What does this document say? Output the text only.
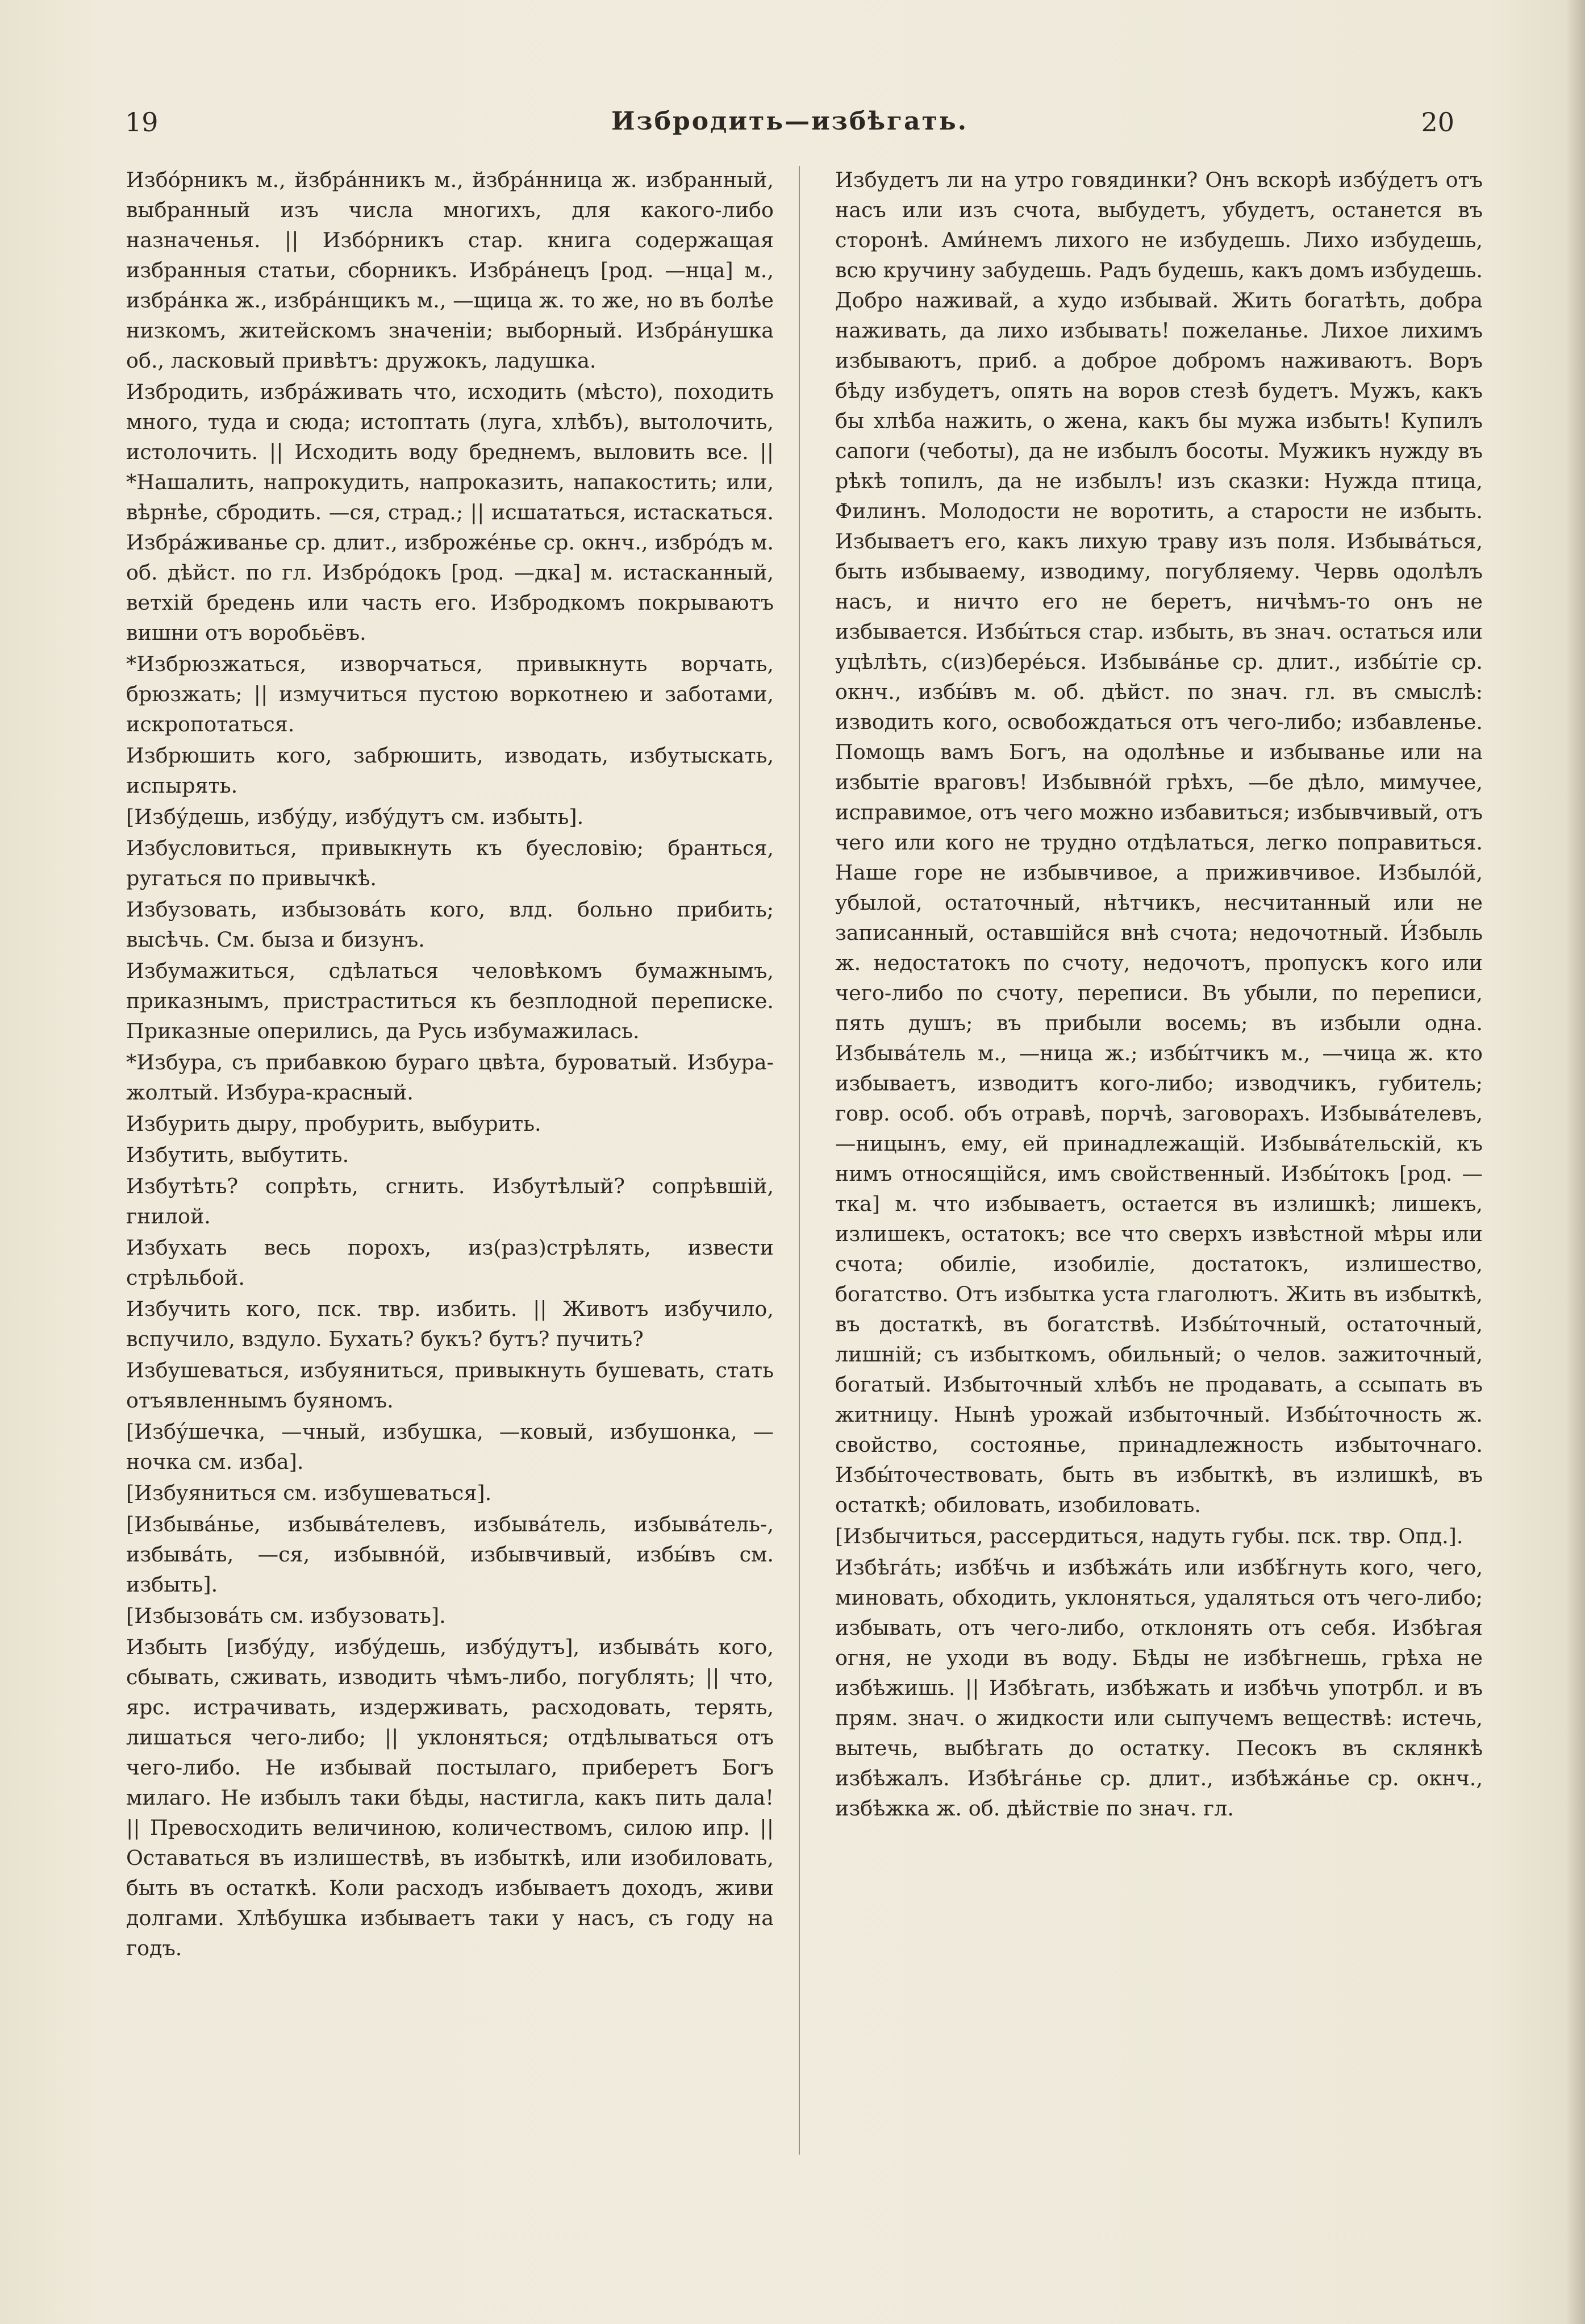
19	Избродить—избѣгать.	20

Избо́рникъ м., йзбра́нникъ м., йзбра́нница ж. избранный, выбранный изъ числа многихъ, для какого-либо назначенья. || Избо́рникъ стар. книга содержащая избранныя статьи, сборникъ. Избра́нецъ [род. —нца] м., избра́нка ж., избра́нщикъ м., —щица ж. то же, но въ болѣе низкомъ, житейскомъ значеніи; выборный. Избра́нушка об., ласковый привѣтъ: дружокъ, ладушка.

Избродить, избра́живать что, исходить (мѣсто), походить много, туда и сюда; истоптать (луга, хлѣбъ), вытолочить, истолочить. || Исходить воду бреднемъ, выловить все. || *Нашалить, напрокудить, напроказить, напакостить; или, вѣрнѣе, сбродить. —ся, страд.; || исшататься, истаскаться. Избра́живанье ср. длит., изброже́нье ср. окнч., избро́дъ м. об. дѣйст. по гл. Избро́докъ [род. —дка] м. истасканный, ветхій бредень или часть его. Избродкомъ покрываютъ вишни отъ воробьёвъ.

*Избрюзжаться, изворчаться, привыкнуть ворчать, брюзжать; || измучиться пустою воркотнею и заботами, искропотаться.

Избрюшить кого, забрюшить, изводать, избутыскать, испырять.

[Избу́дешь, избу́ду, избу́дутъ см. избыть].

Избусловиться, привыкнуть къ буесловію; бранться, ругаться по привычкѣ.

Избузовать, избызова́ть кого, влд. больно прибить; высѣчь. См. быза и бизунъ.

Избумажиться, сдѣлаться человѣкомъ бумажнымъ, приказнымъ, пристраститься къ безплодной переписке. Приказные оперились, да Русь избумажилась.

*Избура, съ прибавкою бураго цвѣта, буроватый. Избура-жолтый. Избура-красный.

Избурить дыру, пробурить, выбурить.

Избутить, выбутить.

Избутѣть? сопрѣть, сгнить. Избутѣлый? сопрѣвшій, гнилой.

Избухать весь порохъ, из(раз)стрѣлять, извести стрѣльбой.

Избучить кого, пск. твр. избить. || Животъ избучило, вспучило, вздуло. Бухать? букъ? бутъ? пучить?

Избушеваться, избуяниться, привыкнуть бушевать, стать отъявленнымъ буяномъ.

[Избу́шечка, —чный, избушка, —ковый, избушонка, —ночка см. изба].

[Избуяниться см. избушеваться].

[Избыва́нье, избыва́телевъ, избыва́тель, избыва́тель-, избыва́ть, —ся, избывно́й, избывчивый, избы́въ см. избыть].

[Избызова́ть см. избузовать].

Избыть [избу́ду, избу́дешь, избу́дутъ], избыва́ть кого, сбывать, сживать, изводить чѣмъ-либо, погублять; || что, ярс. истрачивать, издерживать, расходовать, терять, лишаться чего-либо; || уклоняться; отдѣлываться отъ чего-либо. Не избывай постылаго, приберетъ Богъ милаго. Не избылъ таки бѣды, настигла, какъ пить дала! || Превосходить величиною, количествомъ, силою ипр. || Оставаться въ излишествѣ, въ избыткѣ, или изобиловать, быть въ остаткѣ. Коли расходъ избываетъ доходъ, живи долгами. Хлѣбушка избываетъ таки у насъ, съ году на годъ.

Избудетъ ли на утро говядинки? Онъ вскорѣ избу́детъ отъ насъ или изъ счота, выбудетъ, убудетъ, останется въ сторонѣ. Ами́немъ лихого не избудешь. Лихо избудешь, всю кручину забудешь. Радъ будешь, какъ домъ избудешь. Добро наживай, а худо избывай. Жить богатѣть, добра наживать, да лихо избывать! пожеланье. Лихое лихимъ избываютъ, приб. а доброе добромъ наживаютъ. Воръ бѣду избудетъ, опять на воров стезѣ будетъ. Мужъ, какъ бы хлѣба нажить, о жена, какъ бы мужа избыть! Купилъ сапоги (чеботы), да не избылъ босоты. Мужикъ нужду въ рѣкѣ топилъ, да не избылъ! изъ сказки: Нужда птица, Филинъ. Молодости не воротить, а старости не избыть. Избываетъ его, какъ лихую траву изъ поля. Избыва́ться, быть избываему, изводиму, погубляему. Червь одолѣлъ насъ, и ничто его не беретъ, ничѣмъ-то онъ не избывается. Избы́ться стар. избыть, въ знач. остаться или уцѣлѣть, с(из)бере́ься. Избыва́нье ср. длит., избы́тіе ср. окнч., избы́въ м. об. дѣйст. по знач. гл. въ смыслѣ: изводить кого, освобождаться отъ чего-либо; избавленье. Помощь вамъ Богъ, на одолѣнье и избыванье или на избытіе враговъ! Избывно́й грѣхъ, —бе дѣло, мимучее, исправимое, отъ чего можно избавиться; избывчивый, отъ чего или кого не трудно отдѣлаться, легко поправиться. Наше горе не избывчивое, а приживчивое. Избыло́й, убылой, остаточный, нѣтчикъ, несчитанный или не записанный, оставшійся внѣ счота; недочотный. И́збыль ж. недостатокъ по счоту, недочотъ, пропускъ кого или чего-либо по счоту, переписи. Въ убыли, по переписи, пять душъ; въ прибыли восемь; въ избыли одна. Избыва́тель м., —ница ж.; избы́тчикъ м., —чица ж. кто избываетъ, изводитъ кого-либо; изводчикъ, губитель; говр. особ. объ отравѣ, порчѣ, заговорахъ. Избыва́телевъ, —ницынъ, ему, ей принадлежащій. Избыва́тельскій, къ нимъ относящійся, имъ свойственный. Избы́токъ [род. —тка] м. что избываетъ, остается въ излишкѣ; лишекъ, излишекъ, остатокъ; все что сверхъ извѣстной мѣры или счота; обиліе, изобиліе, достатокъ, излишество, богатство. Отъ избытка уста глаголютъ. Жить въ избыткѣ, въ достаткѣ, въ богатствѣ. Избы́точный, остаточный, лишній; съ избыткомъ, обильный; о челов. зажиточный, богатый. Избыточный хлѣбъ не продавать, а ссыпать въ житницу. Нынѣ урожай избыточный. Избы́точность ж. свойство, состоянье, принадлежность избыточнаго. Избы́точествовать, быть въ избыткѣ, въ излишкѣ, въ остаткѣ; обиловать, изобиловать.

[Избычиться, рассердиться, надуть губы. пск. твр. Опд.].

Избѣга́ть; избѣ́чь и избѣжа́ть или избѣ́гнуть кого, чего, миновать, обходить, уклоняться, удаляться отъ чего-либо; избывать, отъ чего-либо, отклонять отъ себя. Избѣгая огня, не уходи въ воду. Бѣды не избѣгнешь, грѣха не избѣжишь. || Избѣгать, избѣжать и избѣчь употрбл. и въ прям. знач. о жидкости или сыпучемъ веществѣ: истечь, вытечь, выбѣгать до остатку. Песокъ въ склянкѣ избѣжалъ. Избѣга́нье ср. длит., избѣжа́нье ср. окнч., избѣжка ж. об. дѣйствіе по знач. гл.
